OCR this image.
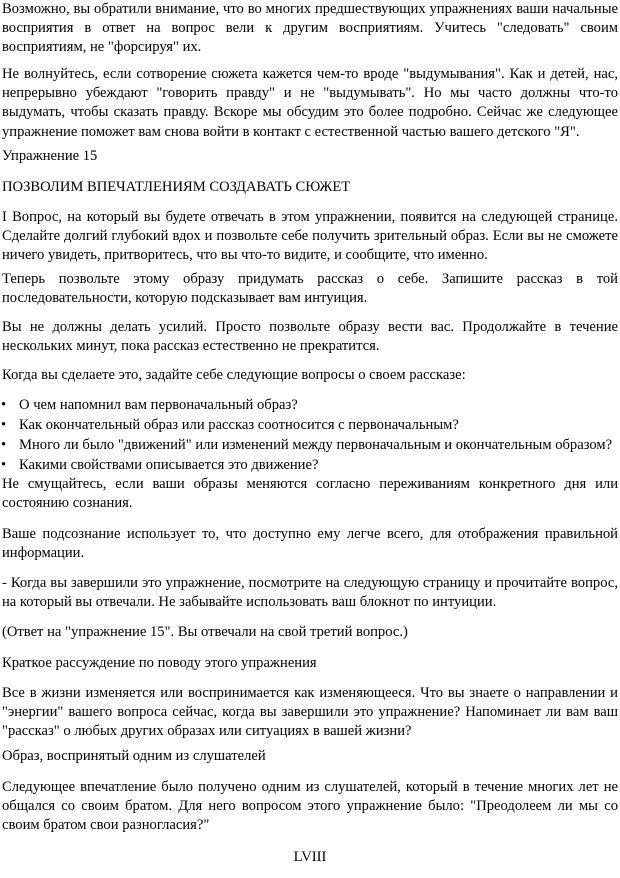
Возможно, вы обратили внимание, что во многих предшествующих упражнениях ваши начальные восприятия в ответ на вопрос вели к другим восприятиям. Учитесь "следовать" своим восприятиям, не "форсируя" их.

Не волнуйтесь, если сотворение сюжета кажется чем-то вроде "выдумывания". Как и детей, нас, непрерывно убеждают "говорить правду" и не "выдумывать". Но мы часто должны что-то выдумать, чтобы сказать правду. Вскоре мы обсудим это более подробно. Сейчас же следующее упражнение поможет вам снова войти в контакт с естественной частью вашего детского "Я".

Упражнение 15

ПОЗВОЛИМ ВПЕЧАТЛЕНИЯМ СОЗДАВАТЬ СЮЖЕТ

I Вопрос, на который вы будете отвечать в этом упражнении, появится на следующей странице. Сделайте долгий глубокий вдох и позвольте себе получить зрительный образ. Если вы не сможете ничего увидеть, притворитесь, что вы что-то видите, и сообщите, что именно.

Теперь позвольте этому образу придумать рассказ о себе. Запишите рассказ в той последовательности, которую подсказывает вам интуиция.

Вы не должны делать усилий. Просто позвольте образу вести вас. Продолжайте в течение нескольких минут, пока рассказ естественно не прекратится.

Когда вы сделаете это, задайте себе следующие вопросы о своем рассказе:

• О чем напомнил вам первоначальный образ?
• Как окончательный образ или рассказ соотносится с первоначальным?
• Много ли было "движений" или изменений между первоначальным и окончательным образом?
• Какими свойствами описывается это движение?

Не смущайтесь, если ваши образы меняются согласно переживаниям конкретного дня или состоянию сознания.

Ваше подсознание использует то, что доступно ему легче всего, для отображения правильной информации.

- Когда вы завершили это упражнение, посмотрите на следующую страницу и прочитайте вопрос, на который вы отвечали. Не забывайте использовать ваш блокнот по интуиции.

(Ответ на "упражнение 15". Вы отвечали на свой третий вопрос.)

Краткое рассуждение по поводу этого упражнения

Все в жизни изменяется или воспринимается как изменяющееся. Что вы знаете о направлении и "энергии" вашего вопроса сейчас, когда вы завершили это упражнение? Напоминает ли вам ваш "рассказ" о любых других образах или ситуациях в вашей жизни?

Образ, воспринятый одним из слушателей

Следующее впечатление было получено одним из слушателей, который в течение многих лет не общался со своим братом. Для него вопросом этого упражнение было: "Преодолеем ли мы со своим братом свои разногласия?"

LVIII
